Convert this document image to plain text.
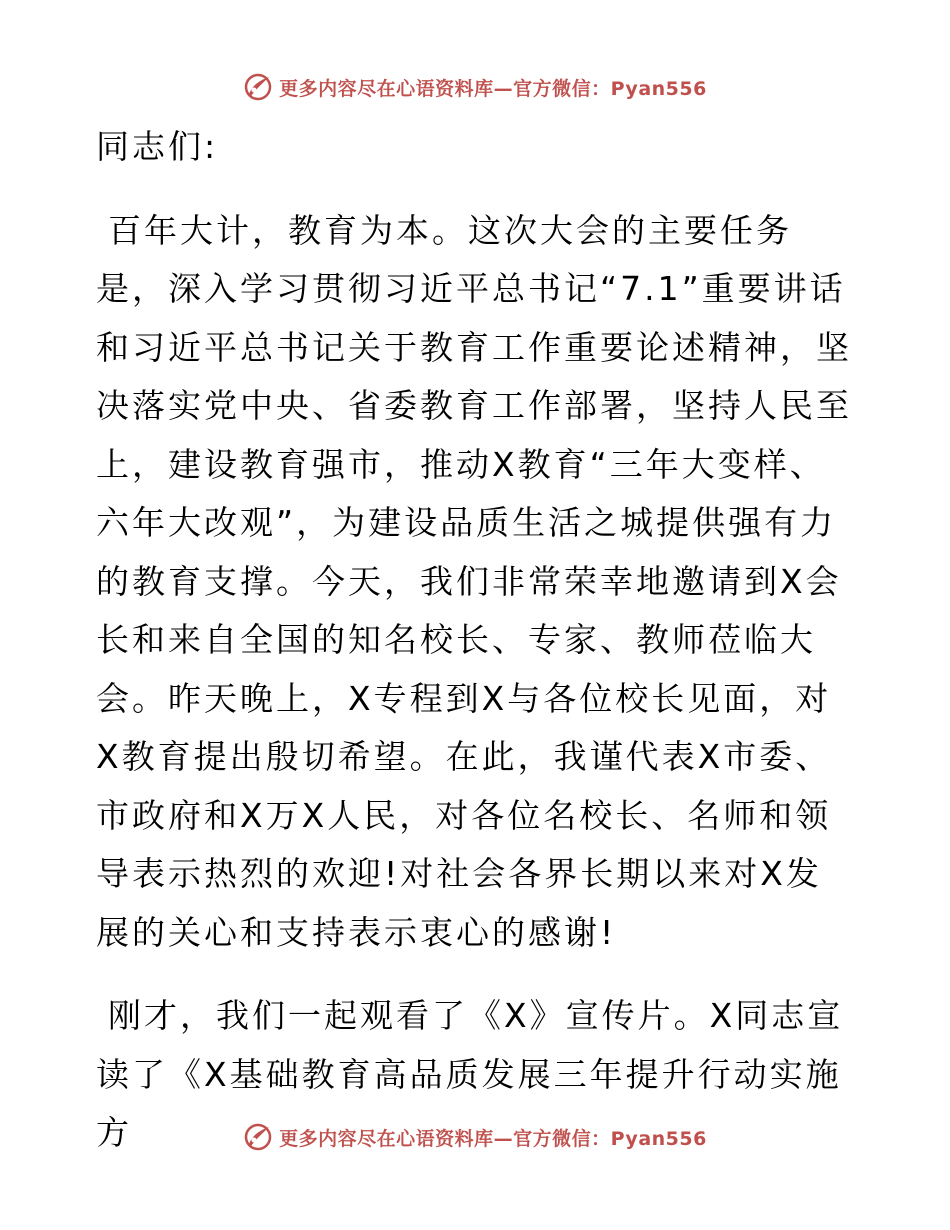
更多内容尽在心语资料库—官方微信：Pyan556

同志们:

百年大计，教育为本。这次大会的主要任务是，深入学习贯彻习近平总书记“7.1”重要讲话和习近平总书记关于教育工作重要论述精神，坚决落实党中央、省委教育工作部署，坚持人民至上，建设教育强市，推动X教育“三年大变样、六年大改观”，为建设品质生活之城提供强有力的教育支撑。今天，我们非常荣幸地邀请到X会长和来自全国的知名校长、专家、教师莅临大会。昨天晚上，X专程到X与各位校长见面，对X教育提出殷切希望。在此，我谨代表X市委、市政府和X万X人民，对各位名校长、名师和领导表示热烈的欢迎!对社会各界长期以来对X发展的关心和支持表示衷心的感谢!

刚才，我们一起观看了《X》宣传片。X同志宣读了《X基础教育高品质发展三年提升行动实施方	更多内容尽在心语资料库—官方微信：Pyan556
